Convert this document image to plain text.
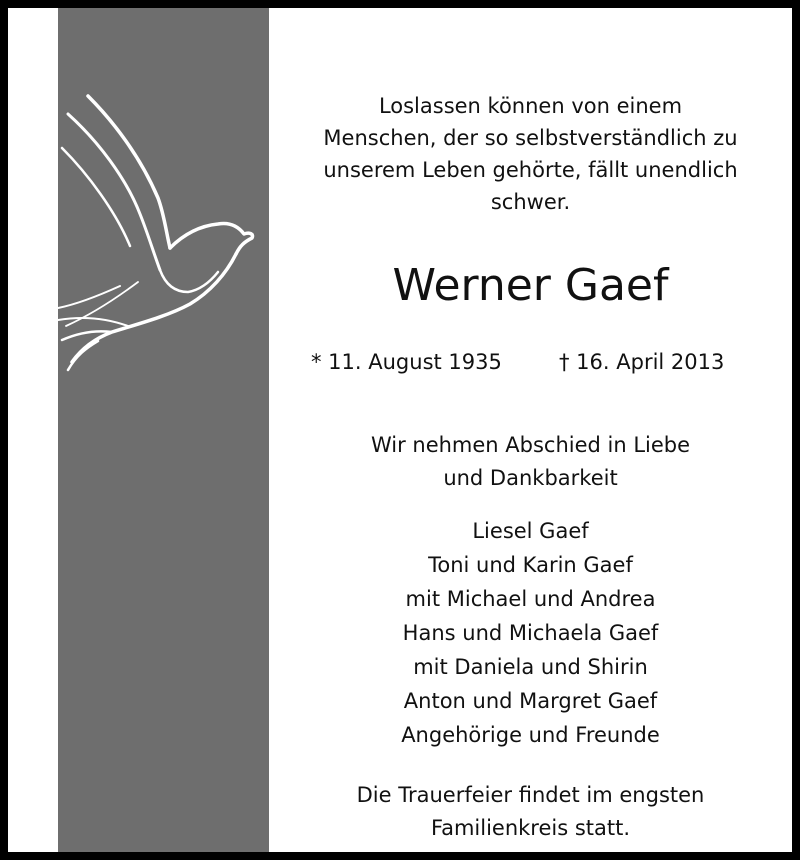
Loslassen können von einem
Menschen, der so selbstverständlich zu
unserem Leben gehörte, fällt unendlich
schwer.
Werner Gaef
* 11. August 1935	† 16. April 2013
Wir nehmen Abschied in Liebe
und Dankbarkeit
Liesel Gaef
Toni und Karin Gaef
mit Michael und Andrea
Hans und Michaela Gaef
mit Daniela und Shirin
Anton und Margret Gaef
Angehörige und Freunde
Die Trauerfeier findet im engsten
Familienkreis statt.
